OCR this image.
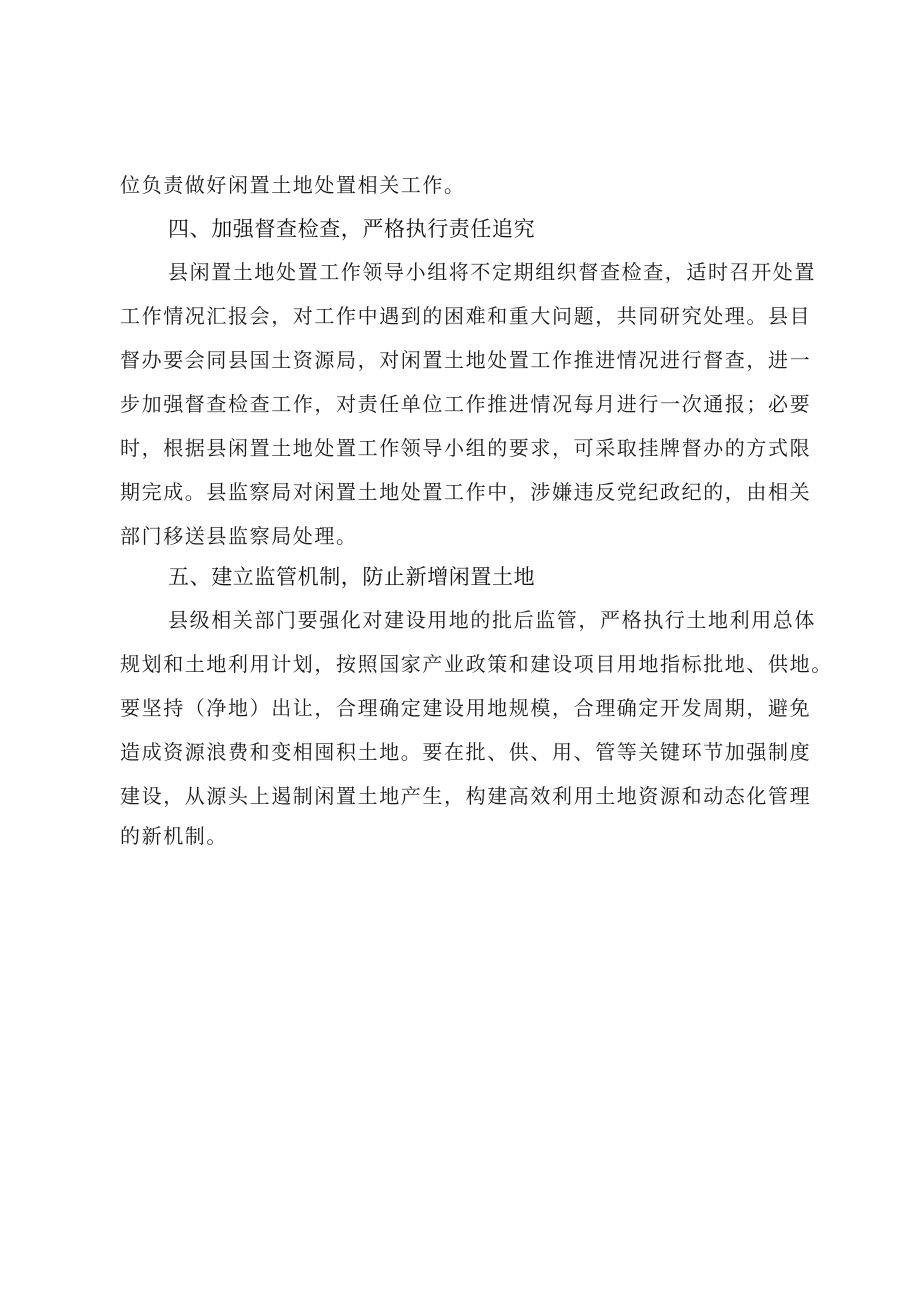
位负责做好闲置土地处置相关工作。
四、加强督查检查，严格执行责任追究
县闲置土地处置工作领导小组将不定期组织督查检查，适时召开处置
工作情况汇报会，对工作中遇到的困难和重大问题，共同研究处理。县目
督办要会同县国土资源局，对闲置土地处置工作推进情况进行督查，进一
步加强督查检查工作，对责任单位工作推进情况每月进行一次通报；必要
时，根据县闲置土地处置工作领导小组的要求，可采取挂牌督办的方式限
期完成。县监察局对闲置土地处置工作中，涉嫌违反党纪政纪的，由相关
部门移送县监察局处理。
五、建立监管机制，防止新增闲置土地
县级相关部门要强化对建设用地的批后监管，严格执行土地利用总体
规划和土地利用计划，按照国家产业政策和建设项目用地指标批地、供地。
要坚持（净地）出让，合理确定建设用地规模，合理确定开发周期，避免
造成资源浪费和变相囤积土地。要在批、供、用、管等关键环节加强制度
建设，从源头上遏制闲置土地产生，构建高效利用土地资源和动态化管理
的新机制。
